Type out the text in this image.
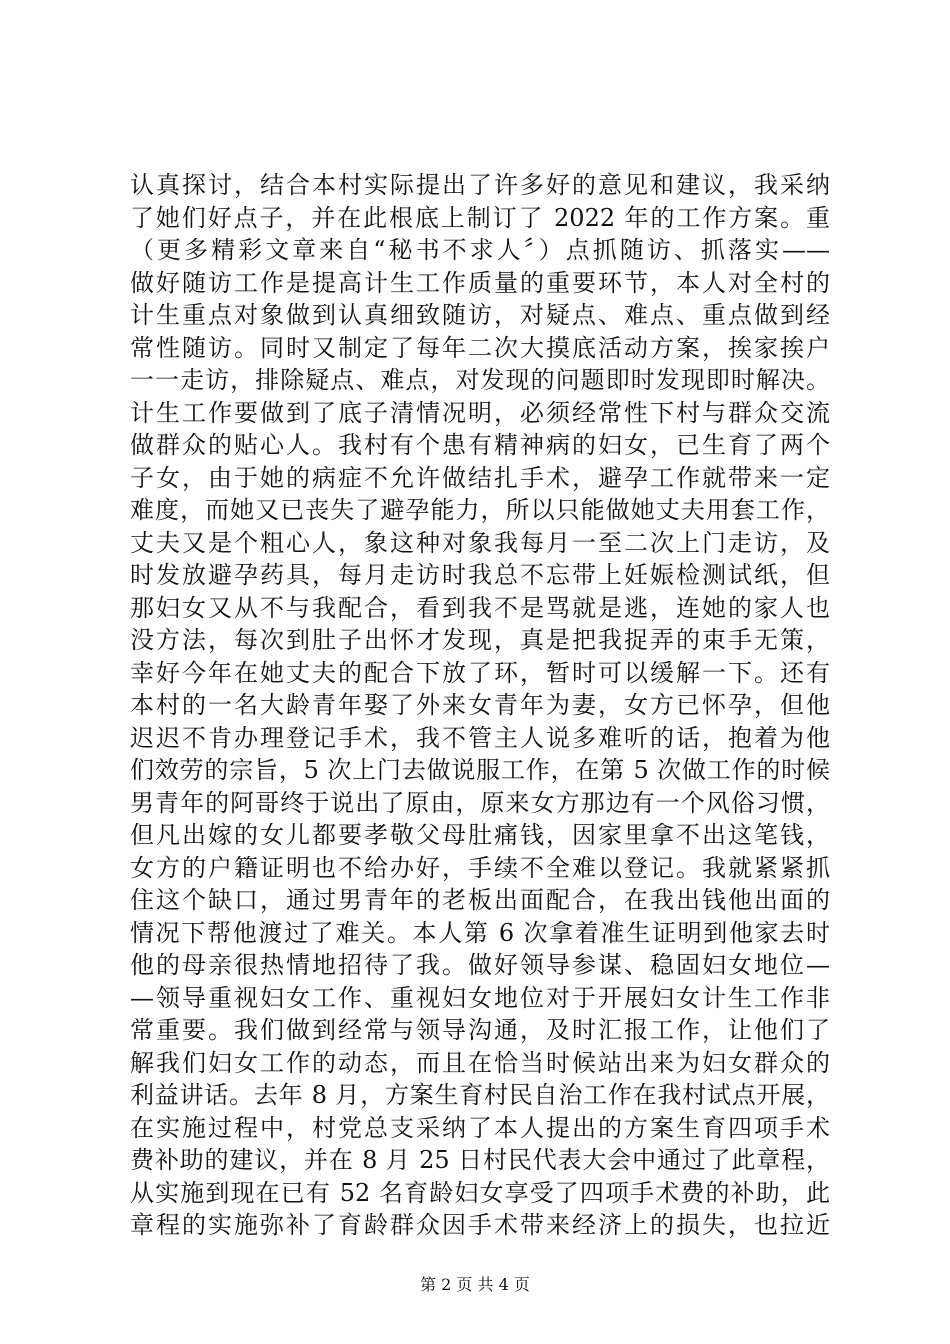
认真探讨，结合本村实际提出了许多好的意见和建议，我采纳
了她们好点子，并在此根底上制订了 2022 年的工作方案。重
（更多精彩文章来自“秘书不求人〞）点抓随访、抓落实——
做好随访工作是提高计生工作质量的重要环节，本人对全村的
计生重点对象做到认真细致随访，对疑点、难点、重点做到经
常性随访。同时又制定了每年二次大摸底活动方案，挨家挨户
一一走访，排除疑点、难点，对发现的问题即时发现即时解决。
计生工作要做到了底子清情况明，必须经常性下村与群众交流
做群众的贴心人。我村有个患有精神病的妇女，已生育了两个
子女，由于她的病症不允许做结扎手术，避孕工作就带来一定
难度，而她又已丧失了避孕能力，所以只能做她丈夫用套工作，
丈夫又是个粗心人，象这种对象我每月一至二次上门走访，及
时发放避孕药具，每月走访时我总不忘带上妊娠检测试纸，但
那妇女又从不与我配合，看到我不是骂就是逃，连她的家人也
没方法，每次到肚子出怀才发现，真是把我捉弄的束手无策，
幸好今年在她丈夫的配合下放了环，暂时可以缓解一下。还有
本村的一名大龄青年娶了外来女青年为妻，女方已怀孕，但他
迟迟不肯办理登记手术，我不管主人说多难听的话，抱着为他
们效劳的宗旨，5 次上门去做说服工作，在第 5 次做工作的时候
男青年的阿哥终于说出了原由，原来女方那边有一个风俗习惯，
但凡出嫁的女儿都要孝敬父母肚痛钱，因家里拿不出这笔钱，
女方的户籍证明也不给办好，手续不全难以登记。我就紧紧抓
住这个缺口，通过男青年的老板出面配合，在我出钱他出面的
情况下帮他渡过了难关。本人第 6 次拿着准生证明到他家去时
他的母亲很热情地招待了我。做好领导参谋、稳固妇女地位—
—领导重视妇女工作、重视妇女地位对于开展妇女计生工作非
常重要。我们做到经常与领导沟通，及时汇报工作，让他们了
解我们妇女工作的动态，而且在恰当时候站出来为妇女群众的
利益讲话。去年 8 月，方案生育村民自治工作在我村试点开展，
在实施过程中，村党总支采纳了本人提出的方案生育四项手术
费补助的建议，并在 8 月 25 日村民代表大会中通过了此章程，
从实施到现在已有 52 名育龄妇女享受了四项手术费的补助，此
章程的实施弥补了育龄群众因手术带来经济上的损失，也拉近
第 2 页 共 4 页
